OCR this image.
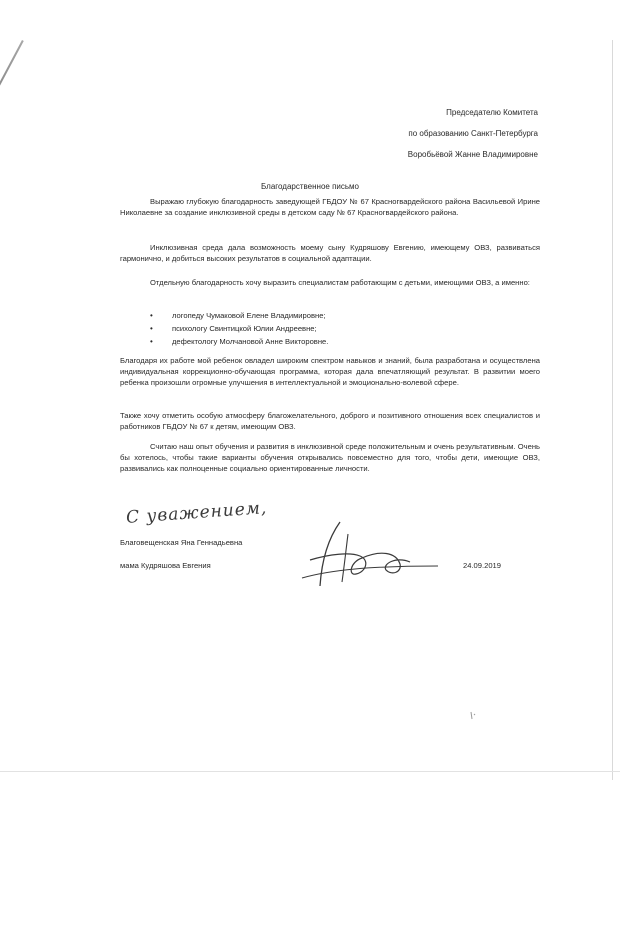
Председателю Комитета
по образованию Санкт-Петербурга
Воробьёвой Жанне Владимировне
Благодарственное письмо
Выражаю глубокую благодарность заведующей ГБДОУ № 67 Красногвардейского района Васильевой Ирине Николаевне за создание инклюзивной среды в детском саду № 67 Красногвардейского района.
Инклюзивная среда дала возможность моему сыну Кудряшову Евгению, имеющему ОВЗ, развиваться гармонично, и добиться высоких результатов в социальной адаптации.
Отдельную благодарность хочу выразить специалистам работающим с детьми, имеющими ОВЗ, а именно:
• логопеду Чумаковой Елене Владимировне;
• психологу Свинтицкой Юлии Андреевне;
• дефектологу Молчановой Анне Викторовне.
Благодаря их работе мой ребенок овладел широким спектром навыков и знаний, была разработана и осуществлена индивидуальная коррекционно-обучающая программа, которая дала впечатляющий результат. В развитии моего ребенка произошли огромные улучшения в интеллектуальной и эмоционально-волевой сфере.
Также хочу отметить особую атмосферу благожелательного, доброго и позитивного отношения всех специалистов и работников ГБДОУ № 67 к детям, имеющим ОВЗ.
Считаю наш опыт обучения и развития в инклюзивной среде положительным и очень результативным. Очень бы хотелось, чтобы такие варианты обучения открывались повсеместно для того, чтобы дети, имеющие ОВЗ, развивались как полноценные социально ориентированные личности.
С уважением,
Благовещенская Яна Геннадьевна
мама Кудряшова Евгения	24.09.2019
